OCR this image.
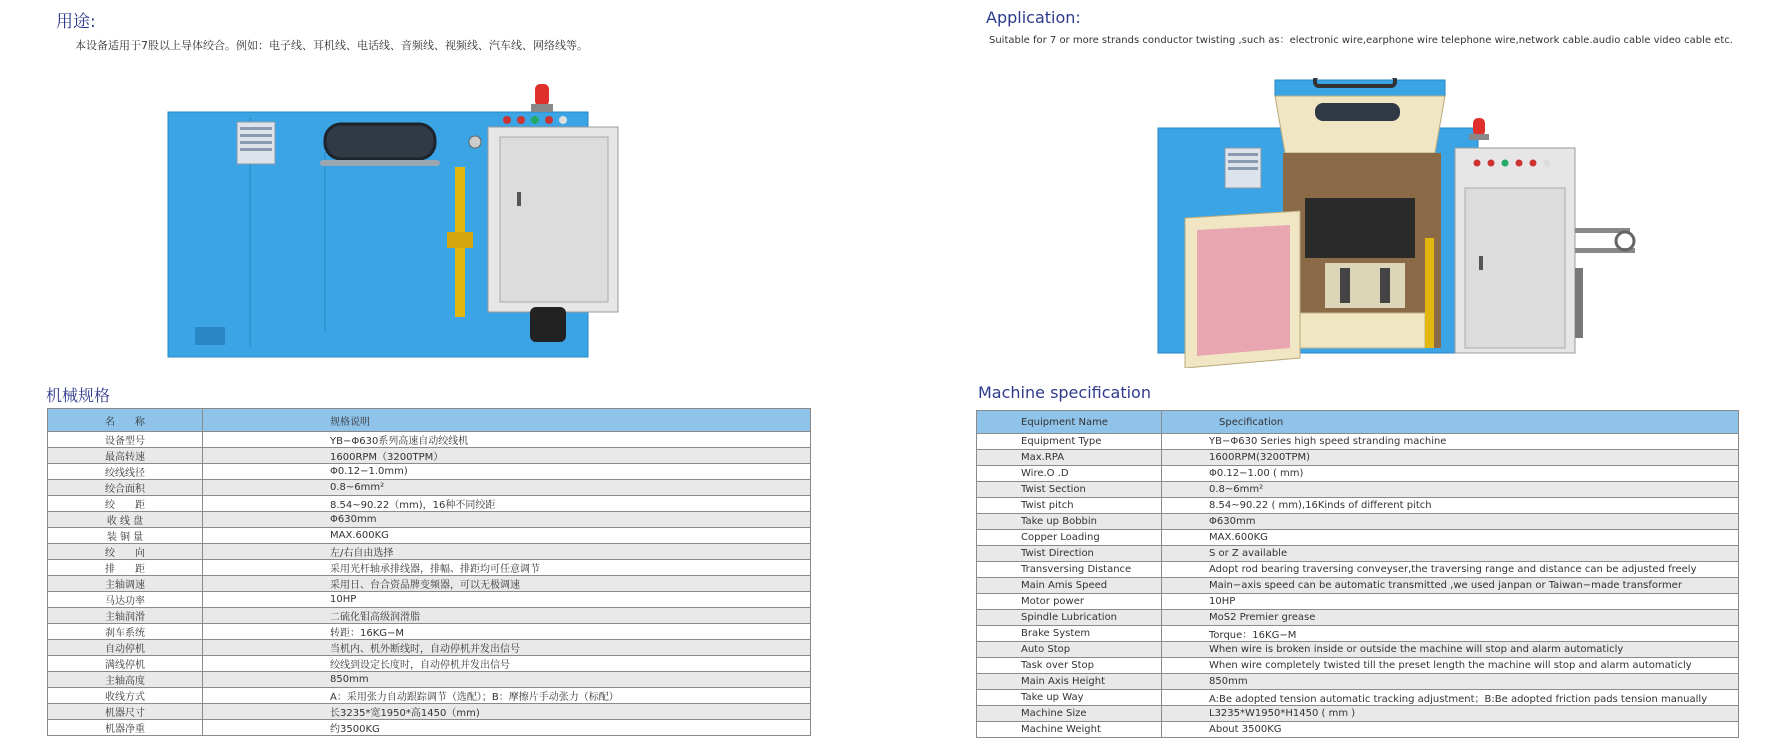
用途:
本设备适用于7股以上导体绞合。例如：电子线、耳机线、电话线、音频线、视频线、汽车线、网络线等。
机械规格
名　　称	规格说明
设备型号	YB−Φ630系列高速自动绞线机
最高转速	1600RPM（3200TPM）
绞线线径	Φ0.12−1.0mm)
绞合面积	0.8~6mm²
绞　　距	8.54~90.22（mm)，16种不同绞距
收 线 盘	Φ630mm
装 铜 量	MAX.600KG
绞　　向	左/右自由选择
排　　距	采用光杆轴承排线器，排幅、排距均可任意调节
主轴调速	采用日、台合资品牌变频器，可以无极调速
马达功率	10HP
主轴润滑	二硫化钼高级润滑脂
刹车系统	转距：16KG−M
自动停机	当机内、机外断线时，自动停机并发出信号
满线停机	绞线到设定长度时，自动停机并发出信号
主轴高度	850mm
收线方式	A：采用张力自动跟踪调节（选配）；B：摩擦片手动张力（标配）
机器尺寸	长3235*宽1950*高1450（mm)
机器净重	约3500KG
Application:
Suitable for 7 or more strands conductor twisting ,such as：electronic wire,earphone wire telephone wire,network cable.audio cable video cable etc.
Machine specification
Equipment Name	Specification
Equipment Type	YB−Φ630 Series high speed stranding machine
Max.RPA	1600RPM(3200TPM)
Wire.O .D	Φ0.12−1.00 ( mm)
Twist Section	0.8~6mm²
Twist pitch	8.54~90.22 ( mm),16Kinds of different pitch
Take up Bobbin	Φ630mm
Copper Loading	MAX.600KG
Twist Direction	S or Z available
Transversing Distance	Adopt rod bearing traversing conveyser,the traversing range and distance can be adjusted freely
Main Amis Speed	Main−axis speed can be automatic transmitted ,we used janpan or Taiwan−made transformer
Motor power	10HP
Spindle Lubrication	MoS2 Premier grease
Brake System	Torque：16KG−M
Auto Stop	When wire is broken inside or outside the machine will stop and alarm automaticly
Task over Stop	When wire completely twisted till the preset length the machine will stop and alarm automaticly
Main Axis Height	850mm
Take up Way	A:Be adopted tension automatic tracking adjustment；B:Be adopted friction pads tension manually
Machine Size	L3235*W1950*H1450 ( mm )
Machine Weight	About 3500KG
